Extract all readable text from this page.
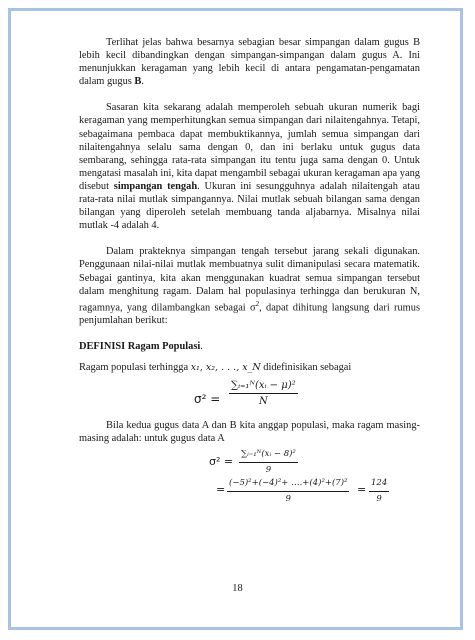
Terlihat jelas bahwa besarnya sebagian besar simpangan dalam gugus B lebih kecil dibandingkan dengan simpangan-simpangan dalam gugus A. Ini menunjukkan keragaman yang lebih kecil di antara pengamatan-pengamatan dalam gugus B.

Sasaran kita sekarang adalah memperoleh sebuah ukuran numerik bagi keragaman yang memperhitungkan semua simpangan dari nilaitengahnya. Tetapi, sebagaimana pembaca dapat membuktikannya, jumlah semua simpangan dari nilaitengahnya selalu sama dengan 0, dan ini berlaku untuk gugus data sembarang, sehingga rata-rata simpangan itu tentu juga sama dengan 0. Untuk mengatasi masalah ini, kita dapat mengambil sebagai ukuran keragaman apa yang disebut simpangan tengah. Ukuran ini sesungguhnya adalah nilaitengah atau rata-rata nilai mutlak simpangannya. Nilai mutlak sebuah bilangan sama dengan bilangan yang diperoleh setelah membuang tanda aljabarnya. Misalnya nilai mutlak -4 adalah 4.

Dalam prakteknya simpangan tengah tersebut jarang sekali digunakan. Penggunaan nilai-nilai mutlak membuatnya sulit dimanipulasi secara matematik. Sebagai gantinya, kita akan menggunakan kuadrat semua simpangan tersebut dalam menghitung ragam. Dalam hal populasinya terhingga dan berukuran N, ragamnya, yang dilambangkan sebagai $\sigma^2$, dapat dihitung langsung dari rumus penjumlahan berikut:

DEFINISI Ragam Populasi.

Ragam populasi terhingga x₁, x₂, . . ., x_N didefinisikan sebagai

$\sigma^2 = \frac{\text{∑ᵢ₌₁ᴺ(xᵢ − μ)²}}{N}$

Bila kedua gugus data A dan B kita anggap populasi, maka ragam masing-masing adalah: untuk gugus data A

$\sigma^2 = \frac{\text{∑ᵢ₌₁ᴺ(xᵢ − 8)²}}{9}$
= $\frac{\text{(−5)²+(−4)²+ ….+(4)²+(7)²}}{9} = \frac{124}{9}$
18
